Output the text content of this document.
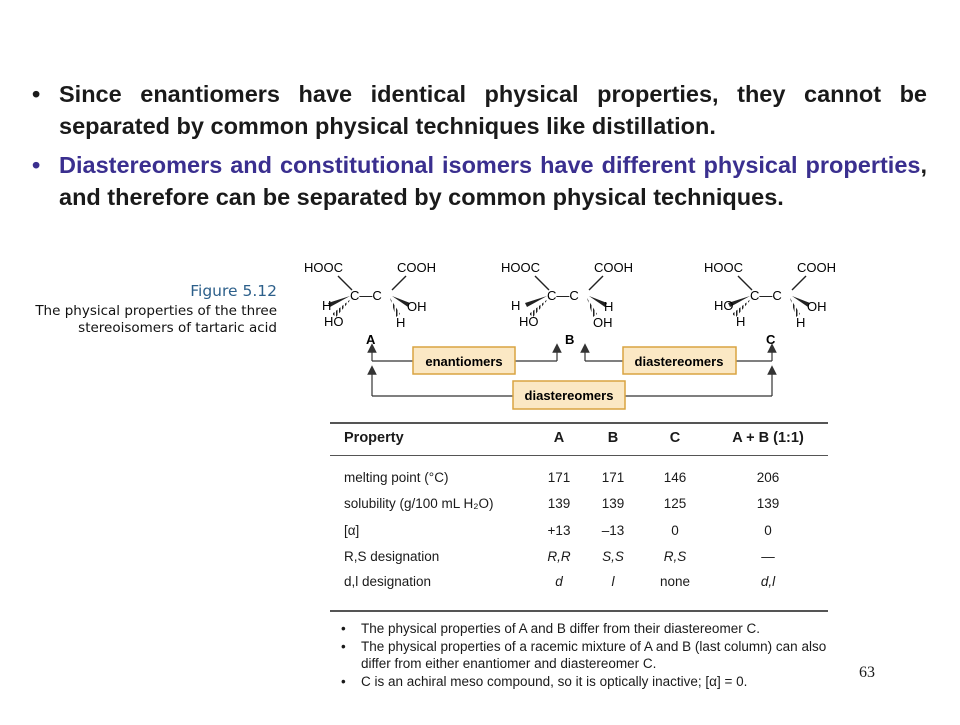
• Since enantiomers have identical physical properties, they cannot be separated by common physical techniques like distillation.
• Diastereomers and constitutional isomers have different physical properties, and therefore can be separated by common physical techniques.
Figure 5.12
The physical properties of the three stereoisomers of tartaric acid
HOOC	COOH
C—C
H
HO
OH
H
A
HOOC	COOH
C—C
H
HO
H
OH
B
HOOC	COOH
C—C
HO
H
OH
H
C
enantiomers	diastereomers
diastereomers
Property	A	B	C	A + B (1:1)
melting point (°C)	171	171	146	206
solubility (g/100 mL H₂O)	139	139	125	139
[α]	+13	–13	0	0
R,S designation	R,R	S,S	R,S	—
d,l designation	d	l	none	d,l
• The physical properties of A and B differ from their diastereomer C.
• The physical properties of a racemic mixture of A and B (last column) can also differ from either enantiomer and diastereomer C.
• C is an achiral meso compound, so it is optically inactive; [α] = 0.
63
